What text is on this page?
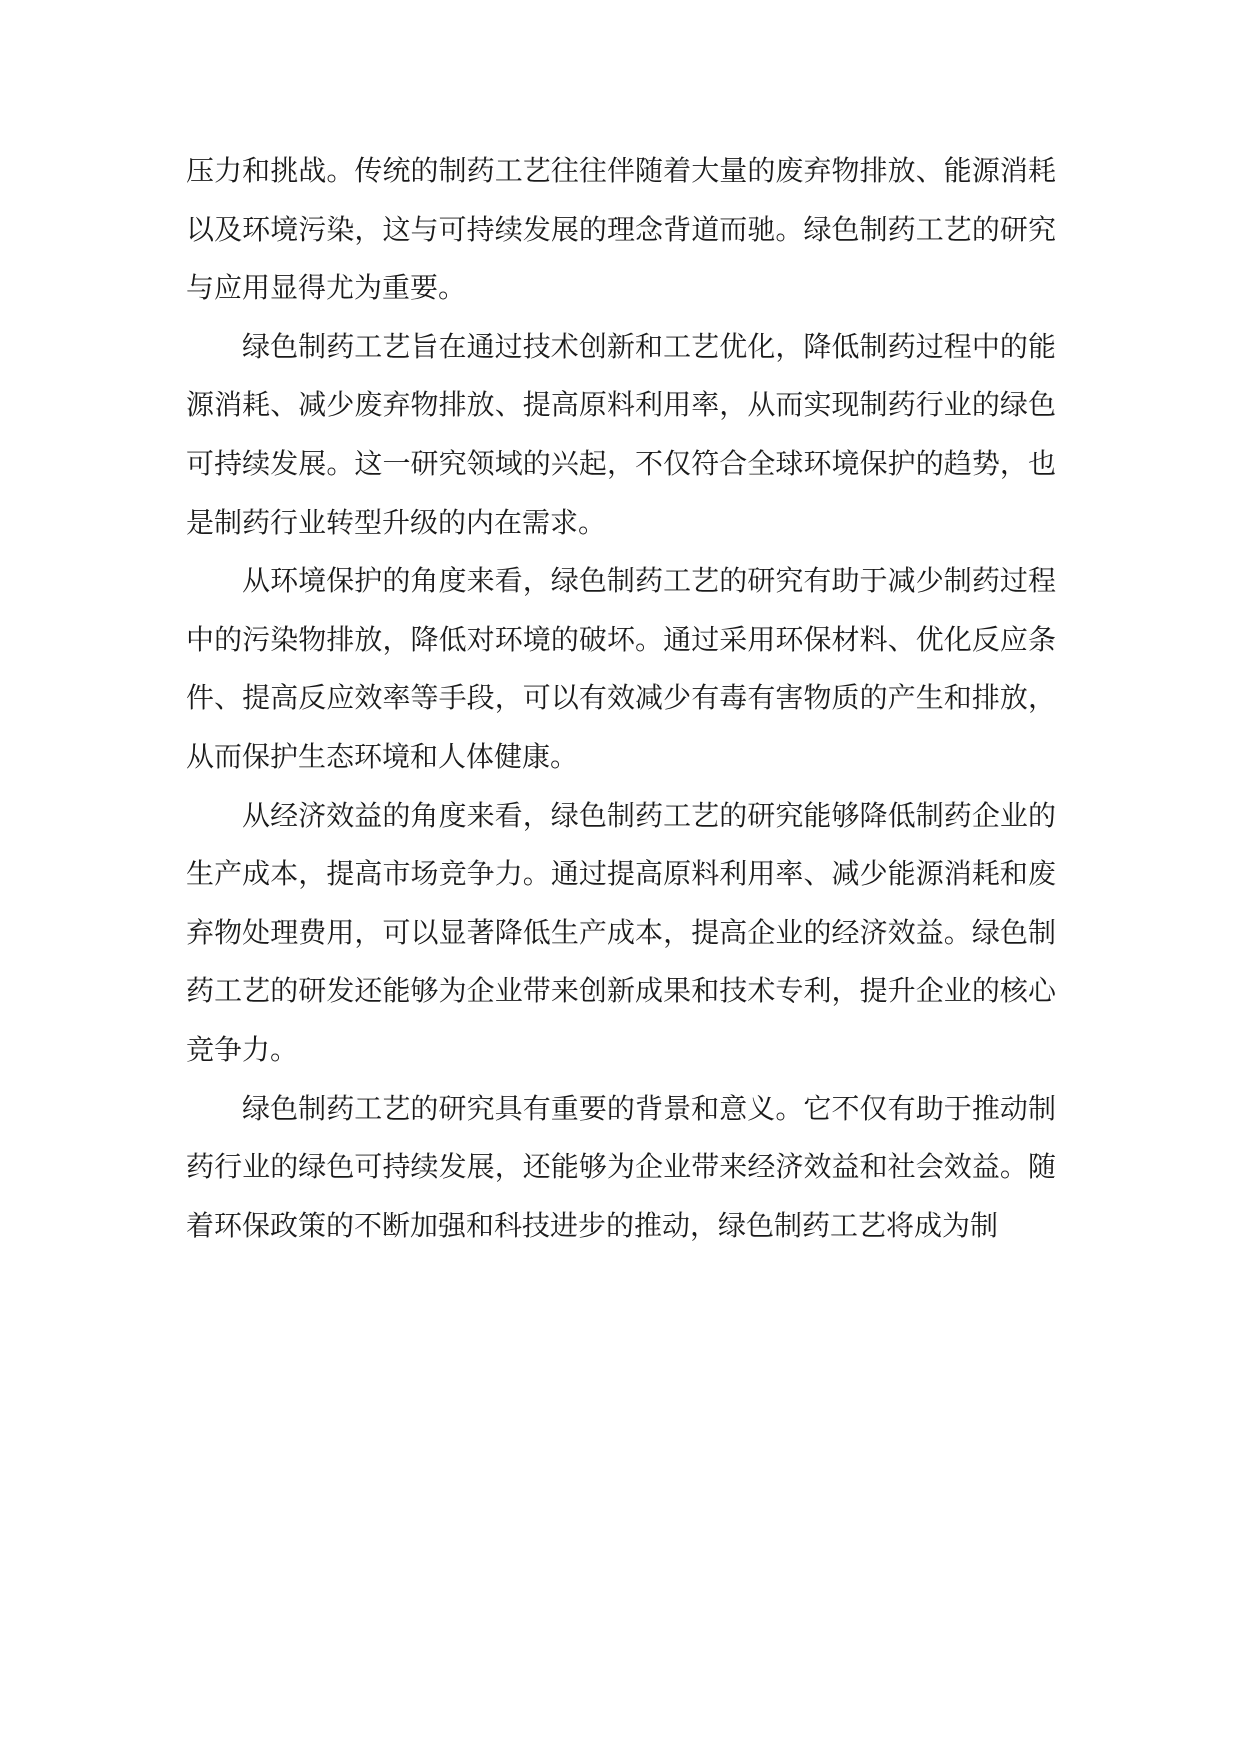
压力和挑战。传统的制药工艺往往伴随着大量的废弃物排放、能源消耗以及环境污染，这与可持续发展的理念背道而驰。绿色制药工艺的研究与应用显得尤为重要。

绿色制药工艺旨在通过技术创新和工艺优化，降低制药过程中的能源消耗、减少废弃物排放、提高原料利用率，从而实现制药行业的绿色可持续发展。这一研究领域的兴起，不仅符合全球环境保护的趋势，也是制药行业转型升级的内在需求。

从环境保护的角度来看，绿色制药工艺的研究有助于减少制药过程中的污染物排放，降低对环境的破坏。通过采用环保材料、优化反应条件、提高反应效率等手段，可以有效减少有毒有害物质的产生和排放，从而保护生态环境和人体健康。

从经济效益的角度来看，绿色制药工艺的研究能够降低制药企业的生产成本，提高市场竞争力。通过提高原料利用率、减少能源消耗和废弃物处理费用，可以显著降低生产成本，提高企业的经济效益。绿色制药工艺的研发还能够为企业带来创新成果和技术专利，提升企业的核心竞争力。

绿色制药工艺的研究具有重要的背景和意义。它不仅有助于推动制药行业的绿色可持续发展，还能够为企业带来经济效益和社会效益。随着环保政策的不断加强和科技进步的推动，绿色制药工艺将成为制
